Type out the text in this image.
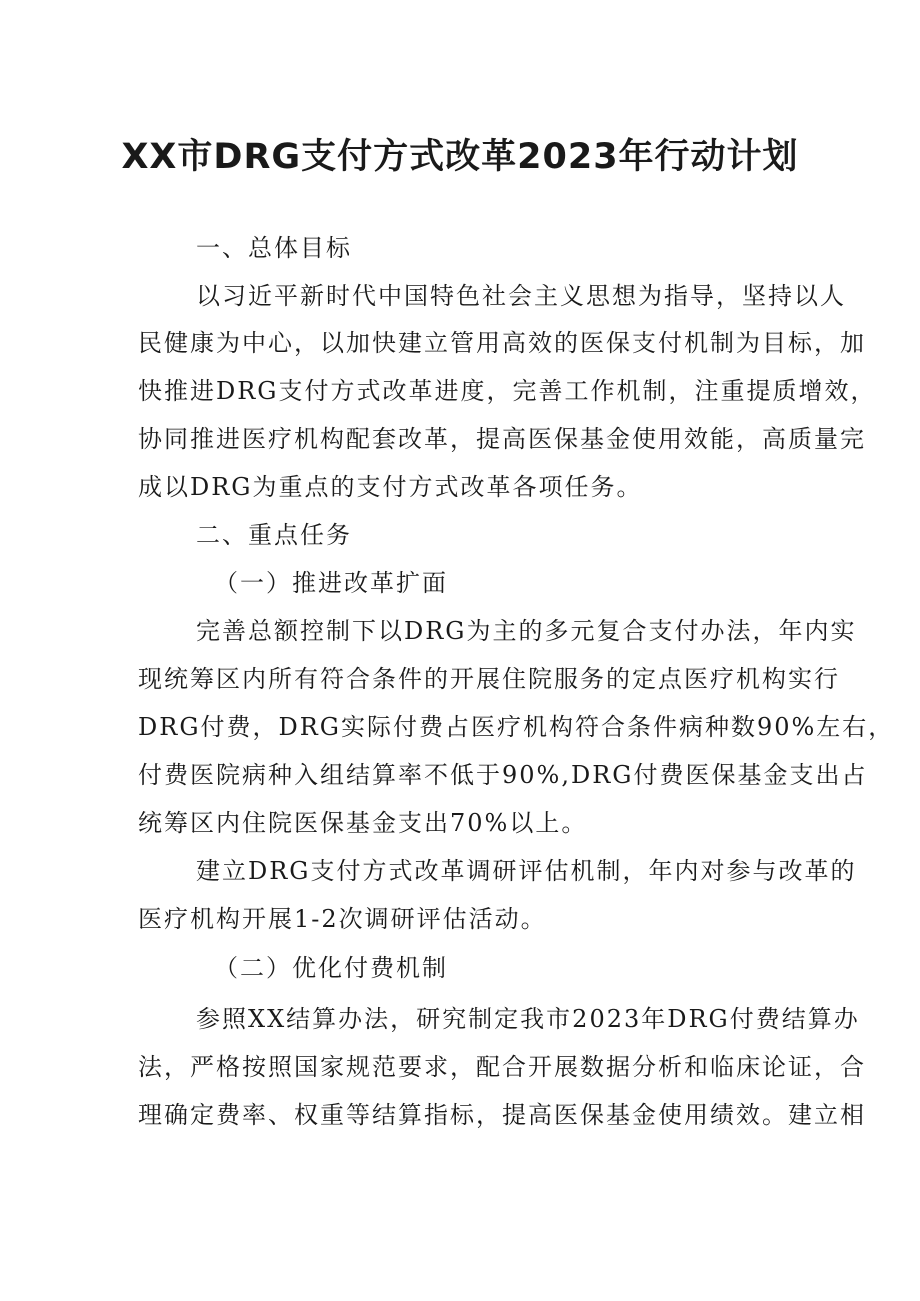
XX市DRG支付方式改革2023年行动计划
一、总体目标
以习近平新时代中国特色社会主义思想为指导，坚持以人
民健康为中心，以加快建立管用高效的医保支付机制为目标，加
快推进DRG支付方式改革进度，完善工作机制，注重提质增效，
协同推进医疗机构配套改革，提高医保基金使用效能，高质量完
成以DRG为重点的支付方式改革各项任务。
二、重点任务
（一）推进改革扩面
完善总额控制下以DRG为主的多元复合支付办法，年内实
现统筹区内所有符合条件的开展住院服务的定点医疗机构实行
DRG付费，DRG实际付费占医疗机构符合条件病种数90%左右，
付费医院病种入组结算率不低于90%,DRG付费医保基金支出占
统筹区内住院医保基金支出70%以上。
建立DRG支付方式改革调研评估机制，年内对参与改革的
医疗机构开展1-2次调研评估活动。
（二）优化付费机制
参照XX结算办法，研究制定我市2023年DRG付费结算办
法，严格按照国家规范要求，配合开展数据分析和临床论证，合
理确定费率、权重等结算指标，提高医保基金使用绩效。建立相
